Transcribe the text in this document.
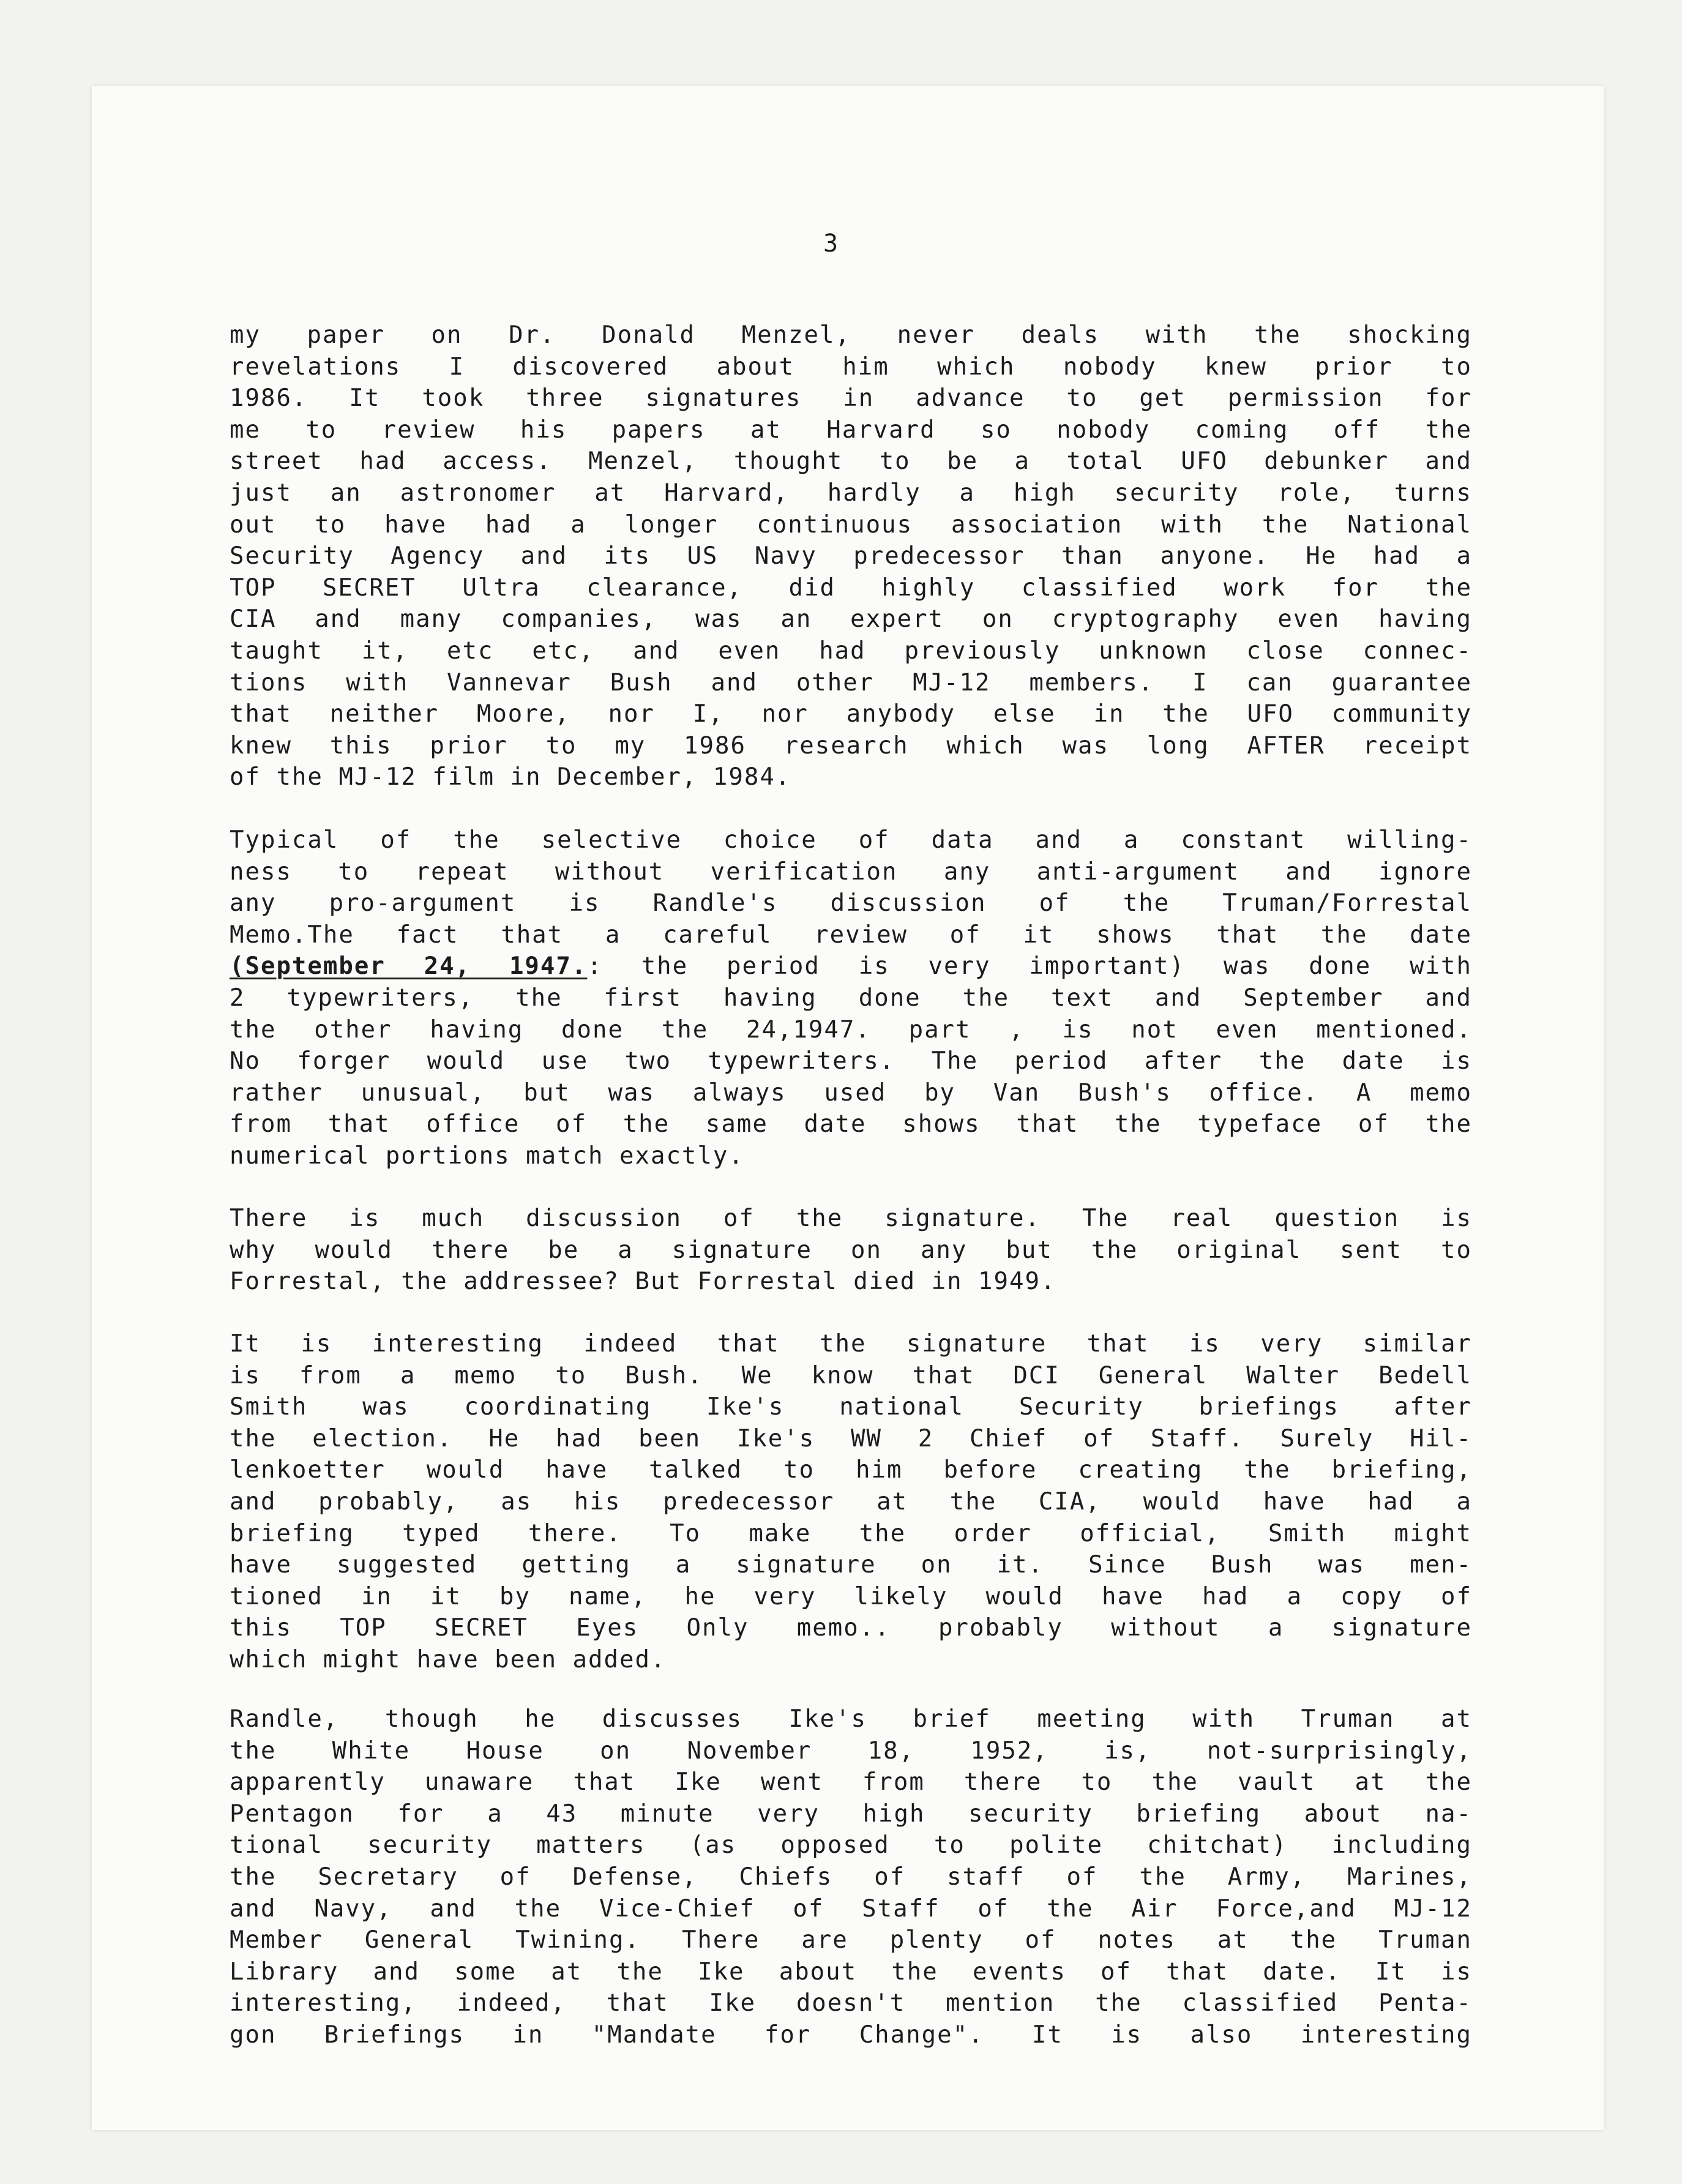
3
my paper on Dr. Donald Menzel, never deals with the shocking
revelations I discovered about him which nobody knew prior to
1986. It took three signatures in advance to get permission for
me to review his papers at Harvard so nobody coming off the
street had access. Menzel, thought to be a total UFO debunker and
just an astronomer at Harvard, hardly a high security role, turns
out to have had a longer continuous association with the National
Security Agency and its US Navy predecessor than anyone. He had a
TOP SECRET Ultra clearance, did highly classified work for the
CIA and many companies, was an expert on cryptography even having
taught it, etc etc, and even had previously unknown close connec-
tions with Vannevar Bush and other MJ-12 members. I can guarantee
that neither Moore, nor I, nor anybody else in the UFO community
knew this prior to my 1986 research which was long AFTER receipt
of the MJ-12 film in December, 1984.
Typical of the selective choice of data and a constant willing-
ness to repeat without verification any anti-argument and ignore
any pro-argument is Randle's discussion of the Truman/Forrestal
Memo.The fact that a careful review of it shows that the date
(September 24, 1947.: the period is very important) was done with
2 typewriters, the first having done the text and September and
the other having done the 24,1947. part , is not even mentioned.
No forger would use two typewriters. The period after the date is
rather unusual, but was always used by Van Bush's office. A memo
from that office of the same date shows that the typeface of the
numerical portions match exactly.
There is much discussion of the signature. The real question is
why would there be a signature on any but the original sent to
Forrestal, the addressee? But Forrestal died in 1949.
It is interesting indeed that the signature that is very similar
is from a memo to Bush. We know that DCI General Walter Bedell
Smith was coordinating Ike's national Security briefings after
the election. He had been Ike's WW 2 Chief of Staff. Surely Hil-
lenkoetter would have talked to him before creating the briefing,
and probably, as his predecessor at the CIA, would have had a
briefing typed there. To make the order official, Smith might
have suggested getting a signature on it. Since Bush was men-
tioned in it by name, he very likely would have had a copy of
this TOP SECRET Eyes Only memo.. probably without a signature
which might have been added.
Randle, though he discusses Ike's brief meeting with Truman at
the White House on November 18, 1952, is, not-surprisingly,
apparently unaware that Ike went from there to the vault at the
Pentagon for a 43 minute very high security briefing about na-
tional security matters (as opposed to polite chitchat) including
the Secretary of Defense, Chiefs of staff of the Army, Marines,
and Navy, and the Vice-Chief of Staff of the Air Force,and MJ-12
Member General Twining. There are plenty of notes at the Truman
Library and some at the Ike about the events of that date. It is
interesting, indeed, that Ike doesn't mention the classified Penta-
gon Briefings in "Mandate for Change". It is also interesting
